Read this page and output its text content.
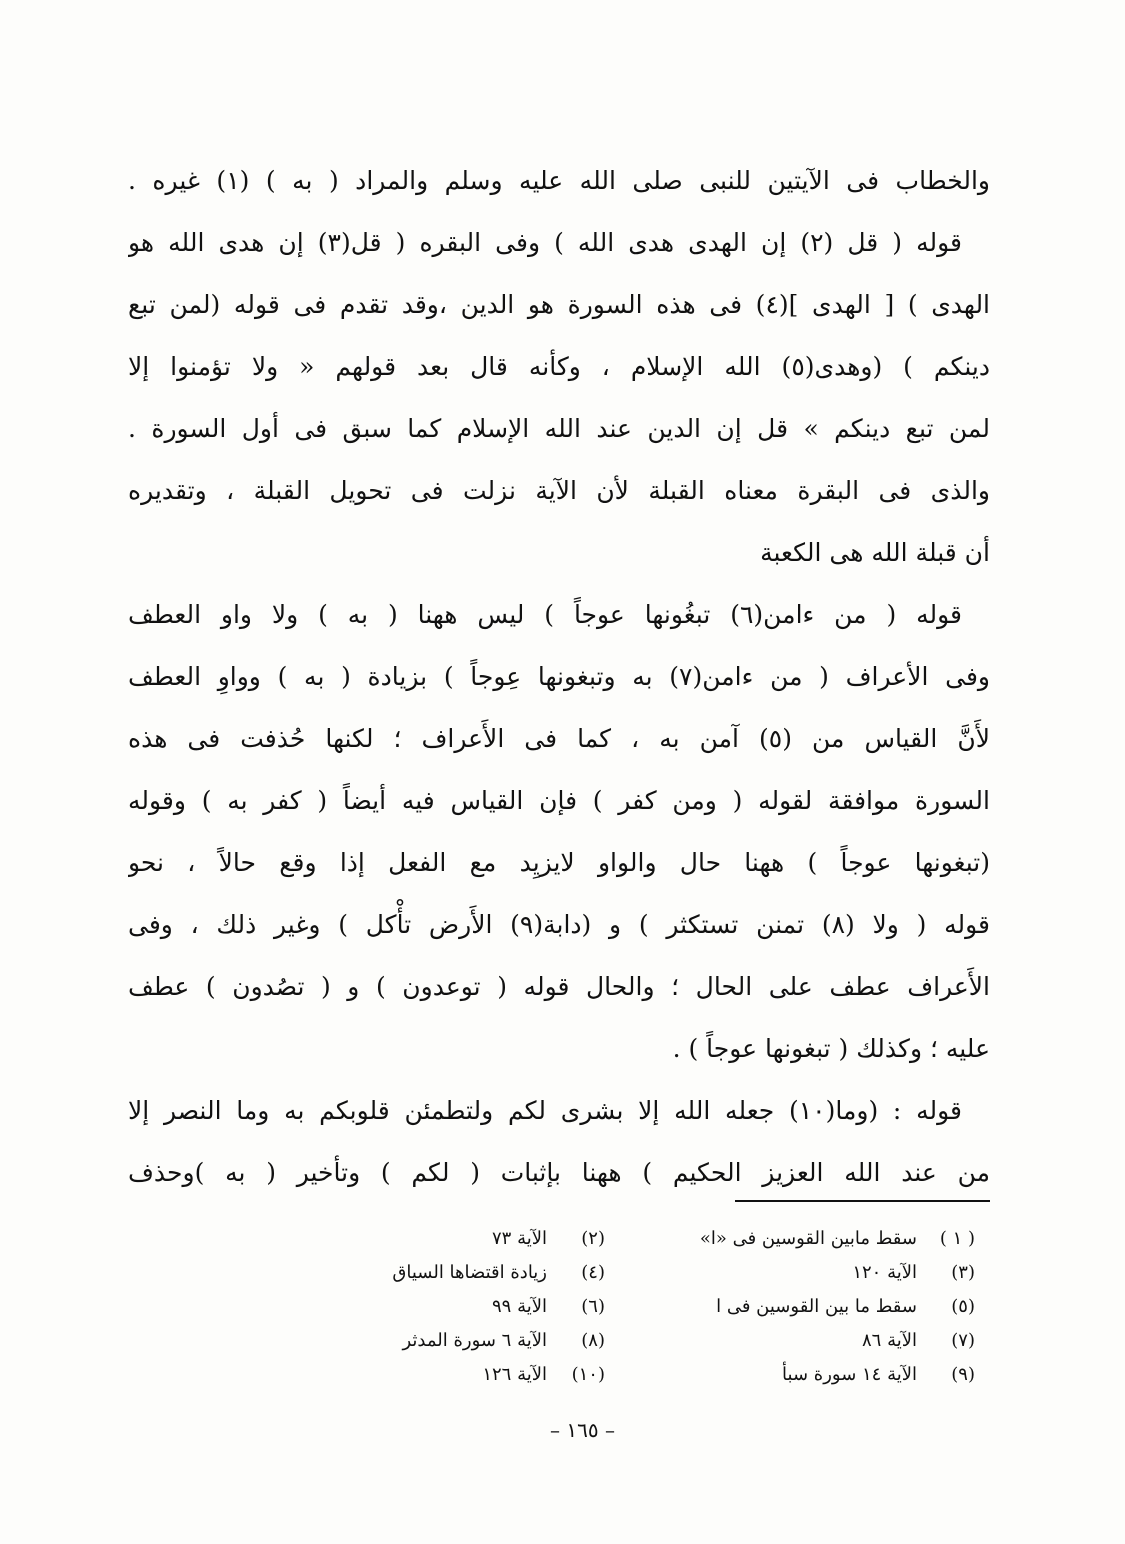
والخطاب فى الآيتين للنبى صلى الله عليه وسلم والمراد ( به ) (١) غيره .
قوله ( قل (٢) إن الهدى هدى الله ) وفى البقره ( قل(٣) إن هدى الله هو
الهدى ) [ الهدى ](٤) فى هذه السورة هو الدين ،وقد تقدم فى قوله (لمن تبع
دينكم ) (وهدى(٥) الله الإسلام ، وكأنه قال بعد قولهم « ولا تؤمنوا إلا
لمن تبع دينكم » قل إن الدين عند الله الإسلام كما سبق فى أول السورة .
والذى فى البقرة معناه القبلة لأن الآية نزلت فى تحويل القبلة ، وتقديره
أن قبلة الله هى الكعبة
قوله ( من ءامن(٦) تبغُونها عوجاً ) ليس ههنا ( به ) ولا واو العطف
وفى الأعراف ( من ءامن(٧) به وتبغونها عِوجاً ) بزيادة ( به ) وواوِ العطف
لأَنَّ القياس من (٥) آمن به ، كما فى الأَعراف ؛ لكنها حُذفت فى هذه
السورة موافقة لقوله ( ومن كفر ) فإن القياس فيه أيضاً ( كفر به ) وقوله
(تبغونها عوجاً ) ههنا حال والواو لايزيِد مع الفعل إذا وقع حالاً ، نحو
قوله ( ولا (٨) تمنن تستكثر ) و (دابة(٩) الأَرض تأْكل ) وغير ذلك ، وفى
الأَعراف عطف على الحال ؛ والحال قوله ( توعدون ) و ( تصُدون ) عطف
عليه ؛ وكذلك ( تبغونها عوجاً ) .
قوله : (وما(١٠) جعله الله إلا بشرى لكم ولتطمئن قلوبكم به وما النصر إلا
من عند الله العزيز الحكيم ) ههنا بإثبات ( لكم ) وتأخير ( به )وحذف
( ١ )
سقط مابين القوسين فى «ا»
(٢)
الآية ٧٣
(٣)
الآية ١٢٠
(٤)
زيادة اقتضاها السياق
(٥)
سقط ما بين القوسين فى ا
(٦)
الآية ٩٩
(٧)
الآية ٨٦
(٨)
الآية ٦ سورة المدثر
(٩)
الآية ١٤ سورة سبأ
(١٠)
الآية ١٢٦
– ١٦٥ –
